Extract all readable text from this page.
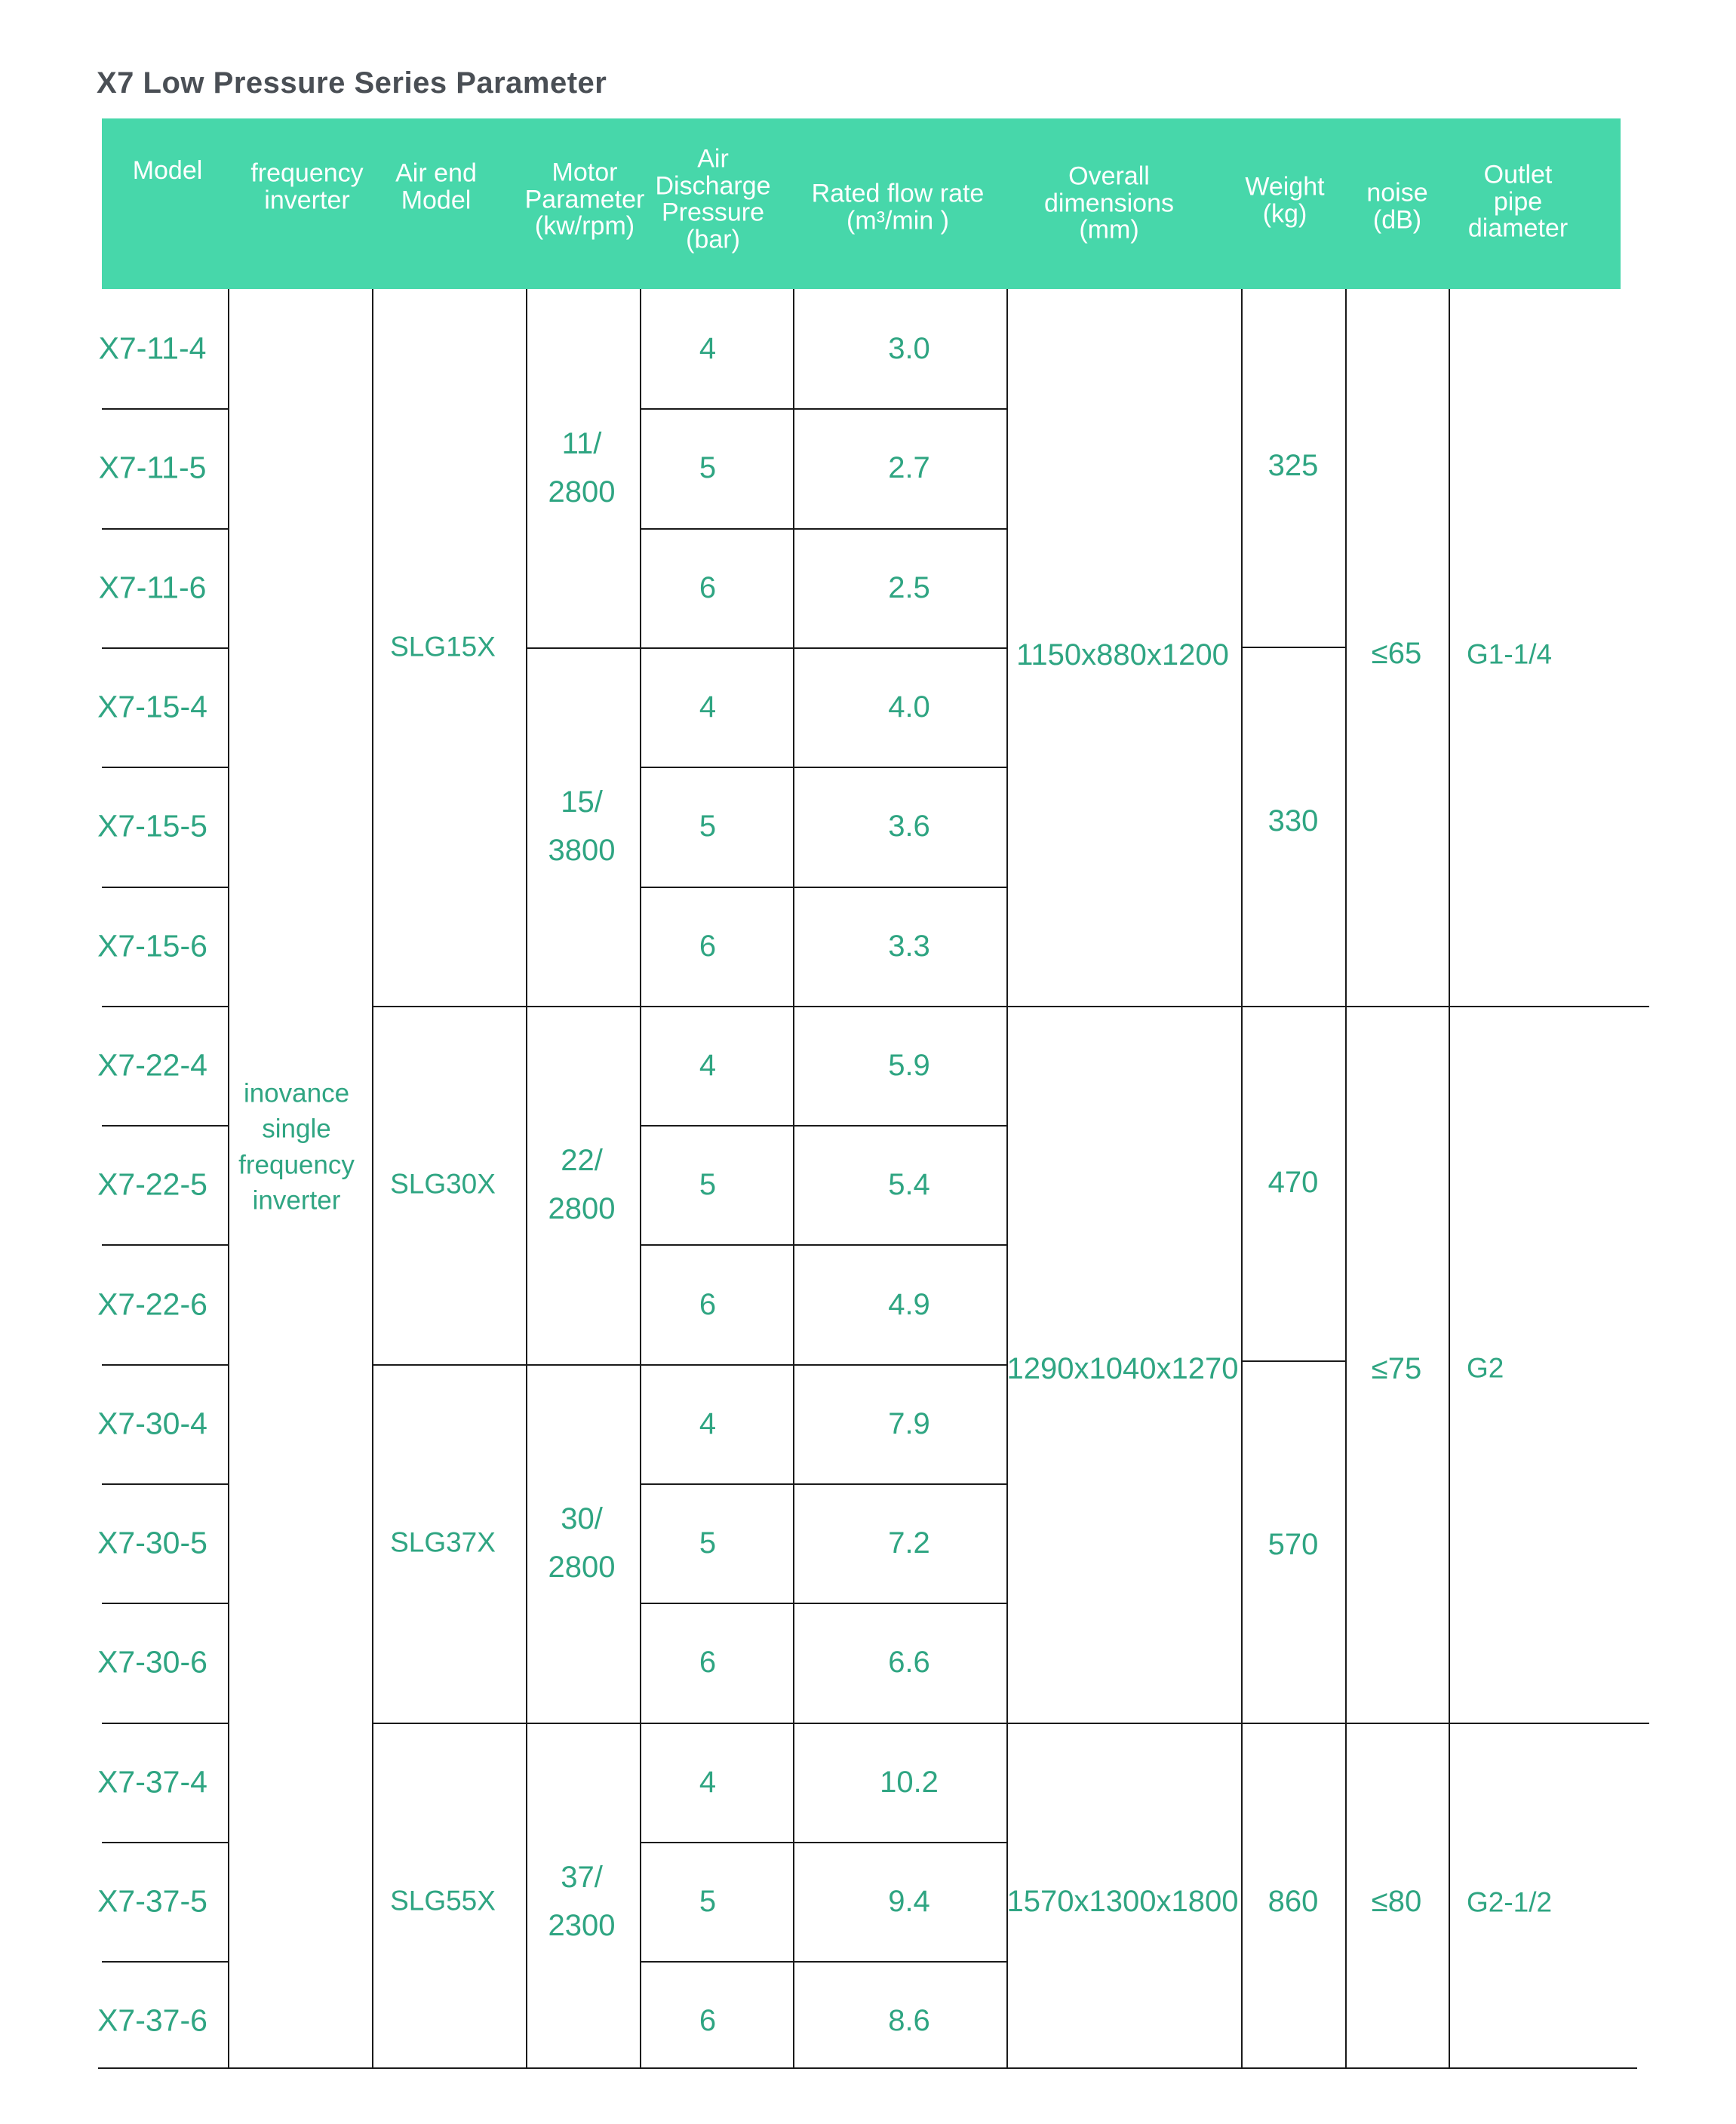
X7 Low Pressure Series Parameter
X7-11-4
X7-11-5
X7-11-6
X7-15-4
X7-15-5
X7-15-6
X7-22-4
X7-22-5
X7-22-6
X7-30-4
X7-30-5
X7-30-6
X7-37-4
X7-37-5
X7-37-6
inovance
single
frequency
inverter
SLG15X
SLG30X
SLG37X
SLG55X
11/
2800
15/
3800
22/
2800
30/
2800
37/
2300
4
5
6
4
5
6
4
5
6
4
5
6
4
5
6
3.0
2.7
2.5
4.0
3.6
3.3
5.9
5.4
4.9
7.9
7.2
6.6
10.2
9.4
8.6
1150x880x1200
1290x1040x1270
1570x1300x1800
325
330
470
570
860
≤65
≤75
≤80
G1-1/4
G2
G2-1/2
Model frequency
inverter
Air end
Model
Motor
Parameter
(kw/rpm)
Air
Discharge
Pressure
(bar)
Rated flow rate
(m³/min )
Overall
dimensions
(mm)
Weight
(kg)
noise
(dB)
Outlet
pipe
diameter
